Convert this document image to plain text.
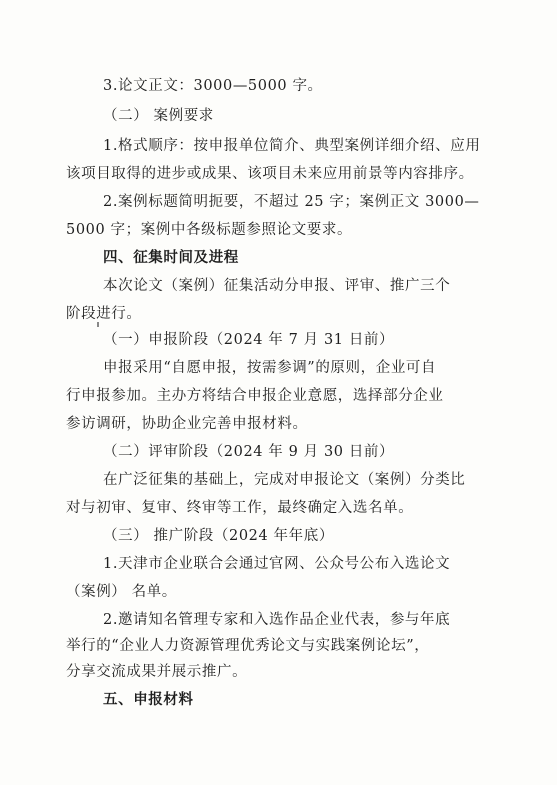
3.论文正文：3000—5000 字。
（二） 案例要求
1.格式顺序：按申报单位简介、典型案例详细介绍、应用
该项目取得的进步或成果、该项目未来应用前景等内容排序。
2.案例标题简明扼要，不超过 25 字；案例正文 3000—
5000 字；案例中各级标题参照论文要求。
四、征集时间及进程
本次论文（案例）征集活动分申报、评审、推广三个
阶段进行。
（一）申报阶段（2024 年 7 月 31 日前）
申报采用“自愿申报，按需参调”的原则，企业可自
行申报参加。主办方将结合申报企业意愿，选择部分企业
参访调研，协助企业完善申报材料。
（二）评审阶段（2024 年 9 月 30 日前）
在广泛征集的基础上，完成对申报论文（案例）分类比
对与初审、复审、终审等工作，最终确定入选名单。
（三） 推广阶段（2024 年年底）
1.天津市企业联合会通过官网、公众号公布入选论文
（案例） 名单。
2.邀请知名管理专家和入选作品企业代表，参与年底
举行的“企业人力资源管理优秀论文与实践案例论坛”，
分享交流成果并展示推广。
五、申报材料
